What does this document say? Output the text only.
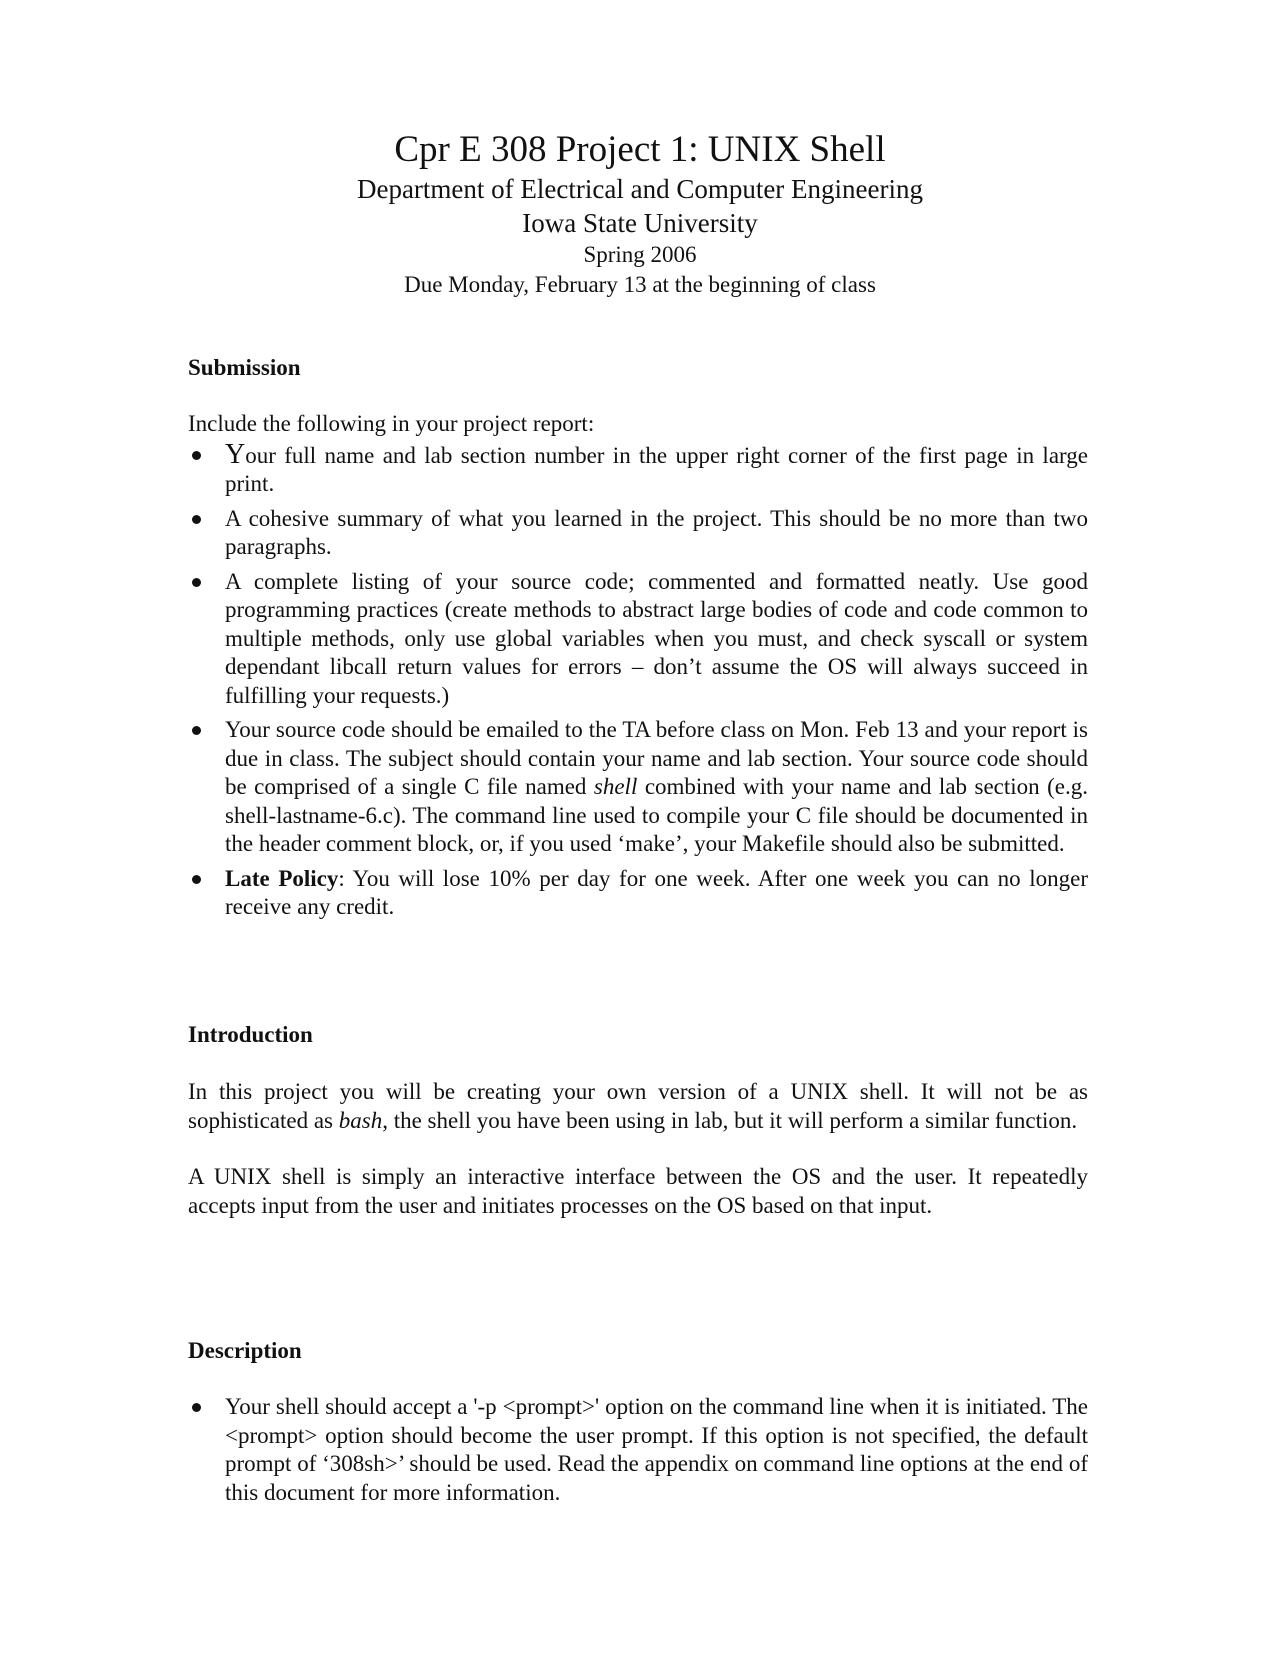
Cpr E 308 Project 1: UNIX Shell

Department of Electrical and Computer Engineering

Iowa State University

Spring 2006

Due Monday, February 13 at the beginning of class

Submission

Include the following in your project report:

Your full name and lab section number in the upper right corner of the first page in large print.
A cohesive summary of what you learned in the project. This should be no more than two paragraphs.
A complete listing of your source code; commented and formatted neatly. Use good programming practices (create methods to abstract large bodies of code and code common to multiple methods, only use global variables when you must, and check syscall or system dependant libcall return values for errors – don’t assume the OS will always succeed in fulfilling your requests.)
Your source code should be emailed to the TA before class on Mon. Feb 13 and your report is due in class. The subject should contain your name and lab section. Your source code should be comprised of a single C file named shell combined with your name and lab section (e.g. shell-lastname-6.c). The command line used to compile your C file should be documented in the header comment block, or, if you used ‘make’, your Makefile should also be submitted.
Late Policy: You will lose 10% per day for one week. After one week you can no longer receive any credit.
Introduction

In this project you will be creating your own version of a UNIX shell. It will not be as sophisticated as bash, the shell you have been using in lab, but it will perform a similar function.

A UNIX shell is simply an interactive interface between the OS and the user. It repeatedly accepts input from the user and initiates processes on the OS based on that input.

Description
Your shell should accept a '-p <prompt>' option on the command line when it is initiated. The <prompt> option should become the user prompt. If this option is not specified, the default prompt of ‘308sh>’ should be used. Read the appendix on command line options at the end of this document for more information.
